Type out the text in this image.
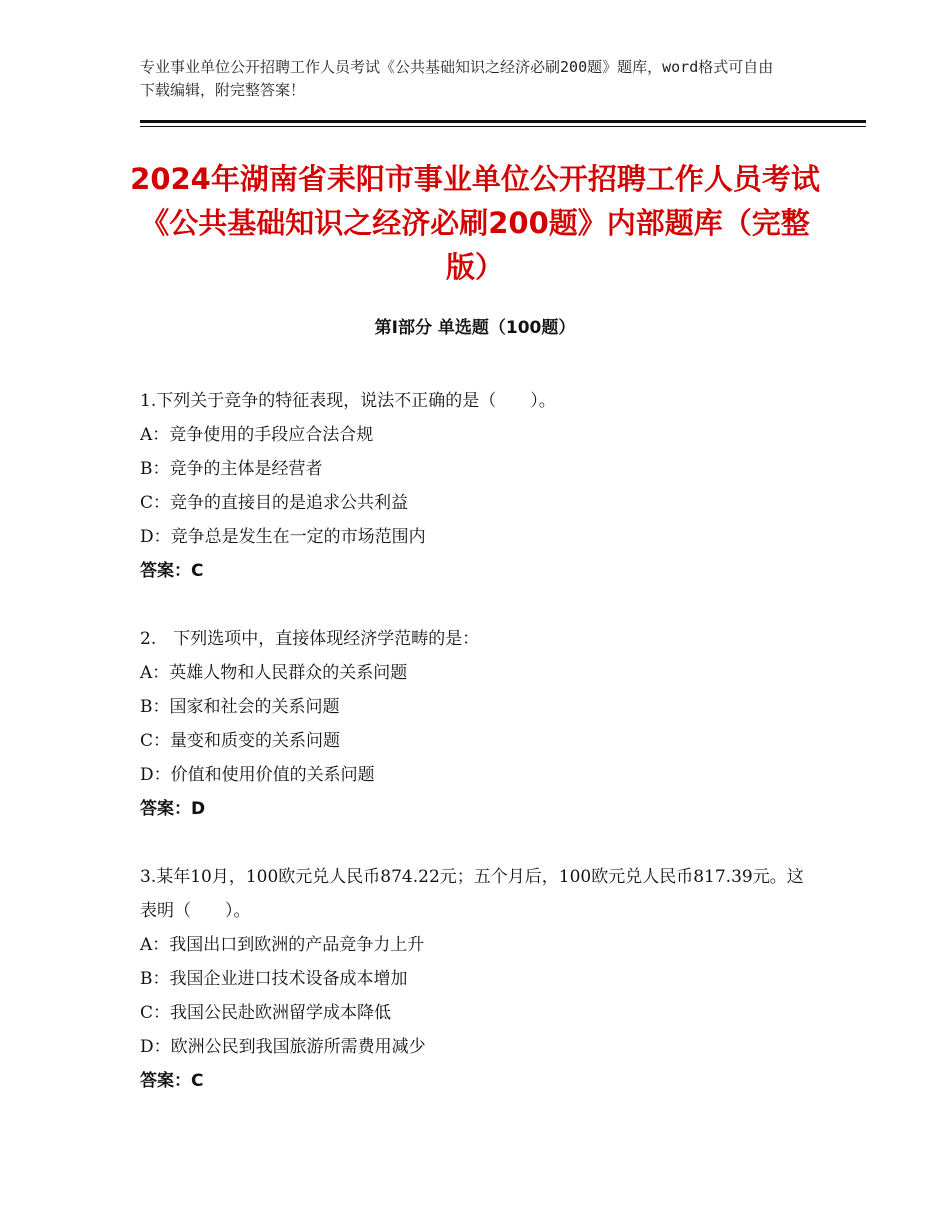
专业事业单位公开招聘工作人员考试《公共基础知识之经济必刷200题》题库，word格式可自由下载编辑，附完整答案！
2024年湖南省耒阳市事业单位公开招聘工作人员考试《公共基础知识之经济必刷200题》内部题库（完整版）
第Ⅰ部分 单选题（100题）
1.下列关于竞争的特征表现，说法不正确的是（　　）。
A：竞争使用的手段应合法合规
B：竞争的主体是经营者
C：竞争的直接目的是追求公共利益
D：竞争总是发生在一定的市场范围内
答案：C
2.　下列选项中，直接体现经济学范畴的是：
A：英雄人物和人民群众的关系问题
B：国家和社会的关系问题
C：量变和质变的关系问题
D：价值和使用价值的关系问题
答案：D
3.某年10月，100欧元兑人民币874.22元；五个月后，100欧元兑人民币817.39元。这表明（　　）。
A：我国出口到欧洲的产品竞争力上升
B：我国企业进口技术设备成本增加
C：我国公民赴欧洲留学成本降低
D：欧洲公民到我国旅游所需费用减少
答案：C
